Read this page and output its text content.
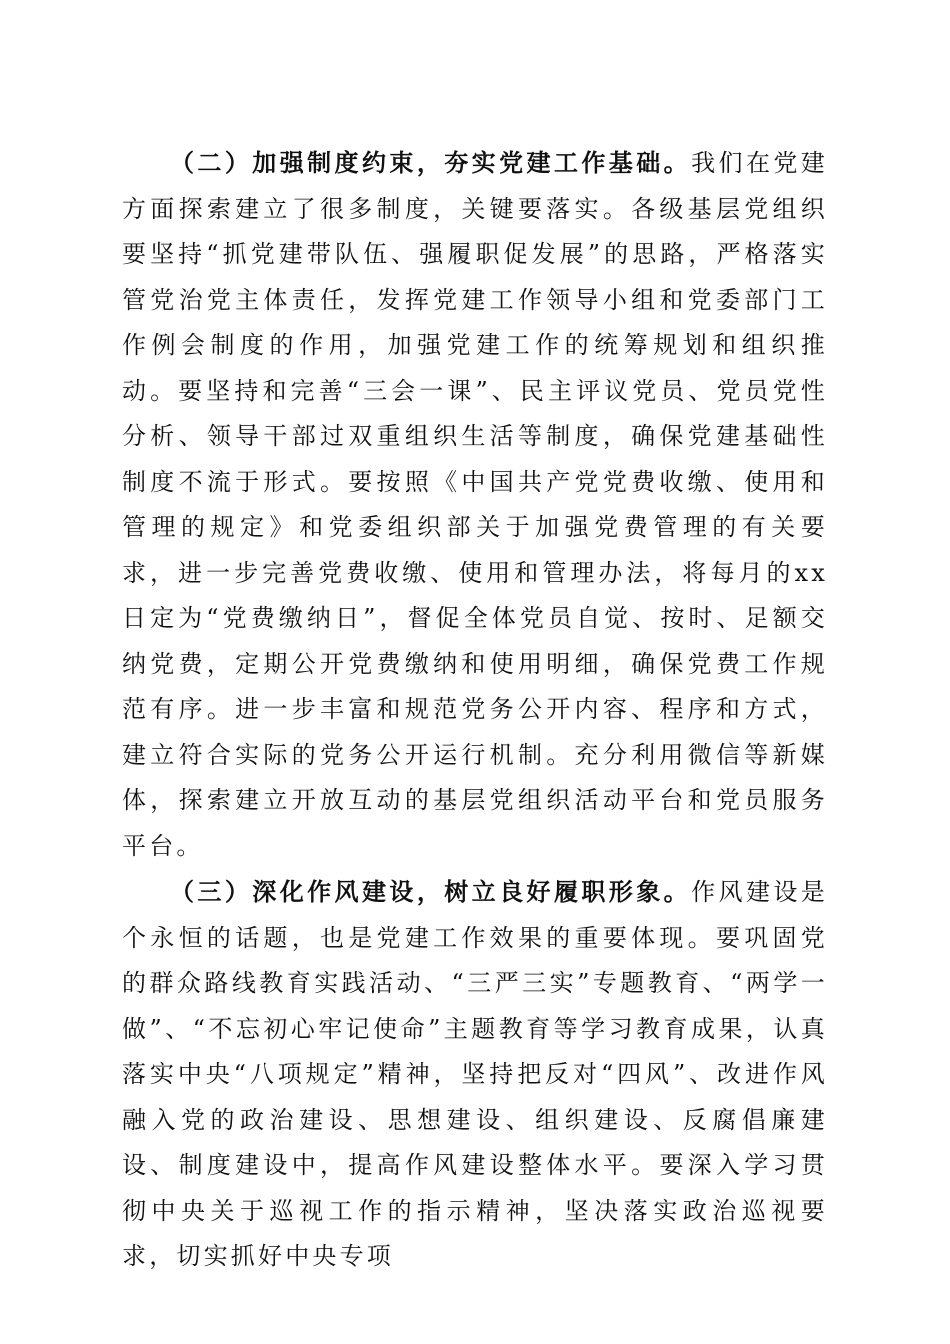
（二）加强制度约束，夯实党建工作基础。我们在党建方面探索建立了很多制度，关键要落实。各级基层党组织要坚持“抓党建带队伍、强履职促发展”的思路，严格落实管党治党主体责任，发挥党建工作领导小组和党委部门工作例会制度的作用，加强党建工作的统筹规划和组织推动。要坚持和完善“三会一课”、民主评议党员、党员党性分析、领导干部过双重组织生活等制度，确保党建基础性制度不流于形式。要按照《中国共产党党费收缴、使用和管理的规定》和党委组织部关于加强党费管理的有关要求，进一步完善党费收缴、使用和管理办法，将每月的xx日定为“党费缴纳日”，督促全体党员自觉、按时、足额交纳党费，定期公开党费缴纳和使用明细，确保党费工作规范有序。进一步丰富和规范党务公开内容、程序和方式，建立符合实际的党务公开运行机制。充分利用微信等新媒体，探索建立开放互动的基层党组织活动平台和党员服务平台。

（三）深化作风建设，树立良好履职形象。作风建设是个永恒的话题，也是党建工作效果的重要体现。要巩固党的群众路线教育实践活动、“三严三实”专题教育、“两学一做”、“不忘初心牢记使命”主题教育等学习教育成果，认真落实中央“八项规定”精神，坚持把反对“四风”、改进作风融入党的政治建设、思想建设、组织建设、反腐倡廉建设、制度建设中，提高作风建设整体水平。要深入学习贯彻中央关于巡视工作的指示精神，坚决落实政治巡视要求，切实抓好中央专项
